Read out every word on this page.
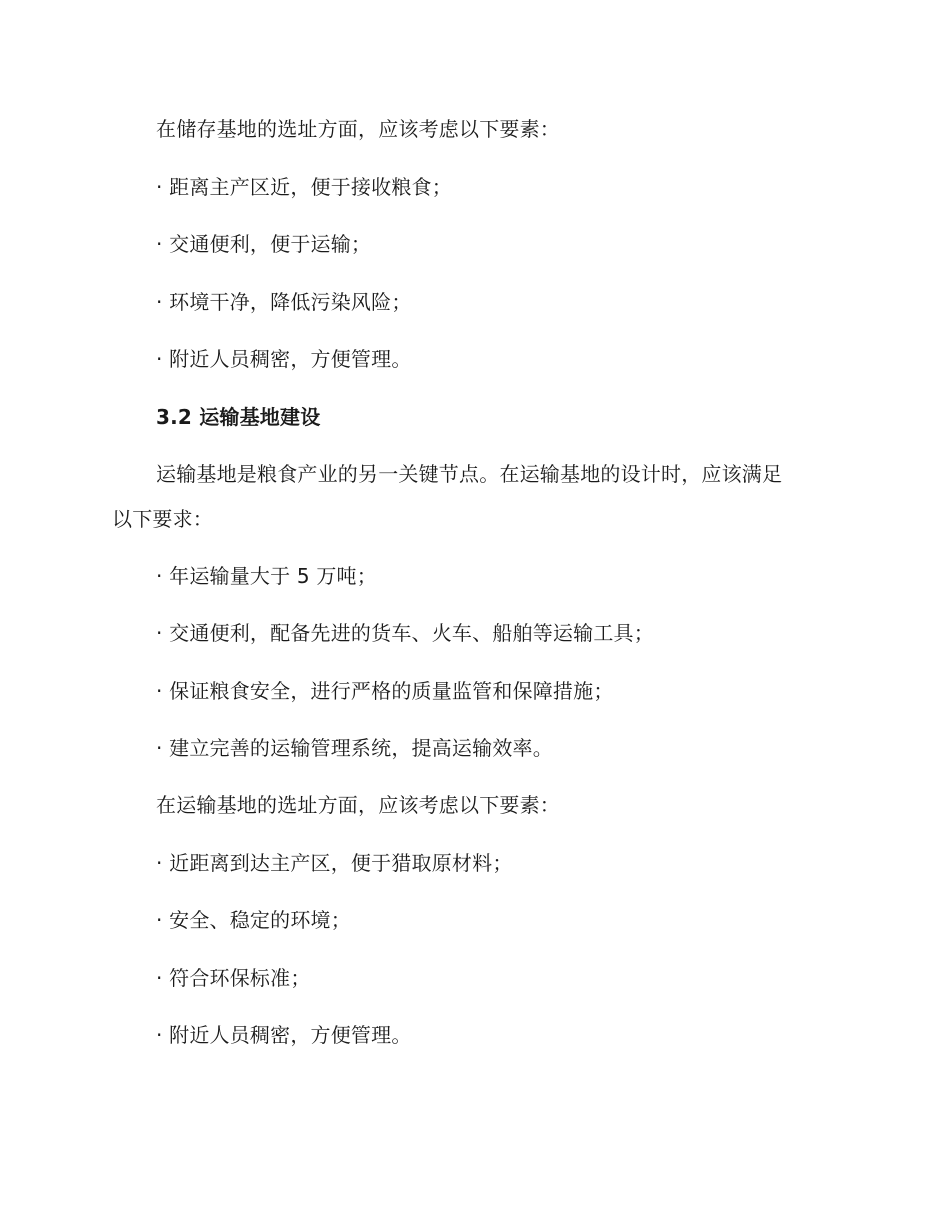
在储存基地的选址方面，应该考虑以下要素：
· 距离主产区近，便于接收粮食；
· 交通便利，便于运输；
· 环境干净，降低污染风险；
· 附近人员稠密，方便管理。
3.2 运输基地建设
运输基地是粮食产业的另一关键节点。在运输基地的设计时，应该满足
以下要求：
· 年运输量大于 5 万吨；
· 交通便利，配备先进的货车、火车、船舶等运输工具；
· 保证粮食安全，进行严格的质量监管和保障措施；
· 建立完善的运输管理系统，提高运输效率。
在运输基地的选址方面，应该考虑以下要素：
· 近距离到达主产区，便于猎取原材料；
· 安全、稳定的环境；
· 符合环保标准；
· 附近人员稠密，方便管理。
